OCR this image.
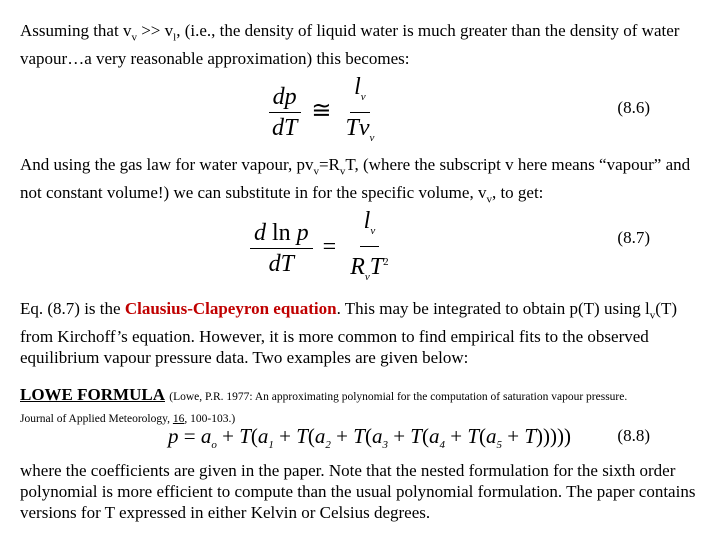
Assuming that $v_v >> v_l$, (i.e., the density of liquid water is much greater than the density of water vapour…a very reasonable approximation) this becomes:
$\frac{dp}{dT}$ ≅ $\frac{l_v}{Tv_v}$	(8.6)
And using the gas law for water vapour, $pv_v=R_vT$, (where the subscript v here means “vapour” and not constant volume!) we can substitute in for the specific volume, $v_v$, to get:
$\frac{\text{d ln p}}{dT} = \frac{l_v}{R_vT^2}$	(8.7)
Eq. (8.7) is the Clausius-Clapeyron equation. This may be integrated to obtain p(T) using $l_v(T)$ from Kirchoff’s equation. However, it is more common to find empirical fits to the observed equilibrium vapour pressure data. Two examples are given below:
LOWE FORMULA (Lowe, P.R. 1977: An approximating polynomial for the computation of saturation vapour pressure.
Journal of Applied Meteorology, 16, 100-103.)
$p = a_o + T(a_1 + T(a_2 + T(a_3 + T(a_4 + T(a_5 + T)))))$	(8.8)
where the coefficients are given in the paper. Note that the nested formulation for the sixth order polynomial is more efficient to compute than the usual polynomial formulation. The paper contains versions for T expressed in either Kelvin or Celsius degrees.
